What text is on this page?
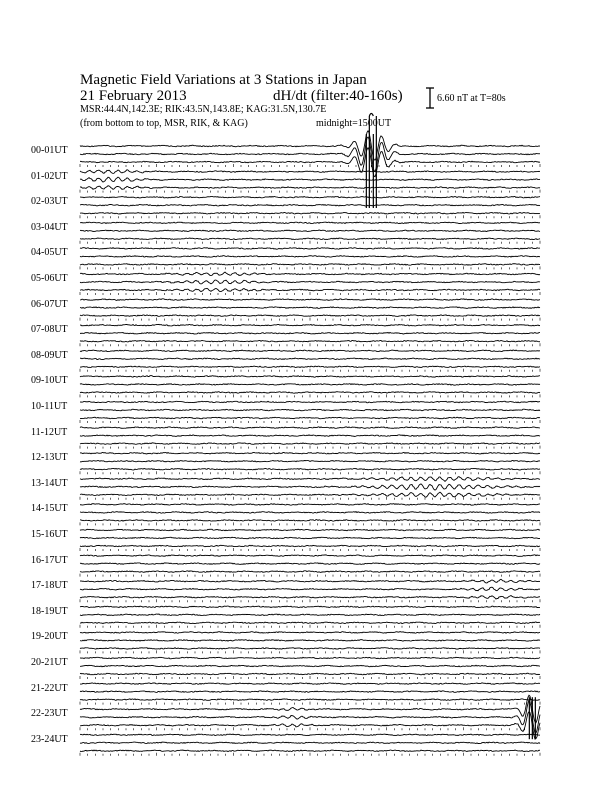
Magnetic Field Variations at 3 Stations in Japan
21 February 2013	dH/dt (filter:40-160s)
MSR:44.4N,142.3E; RIK:43.5N,143.8E; KAG:31.5N,130.7E
(from bottom to top, MSR, RIK, & KAG)	midnight=1500UT
6.60 nT at T=80s
00-01UT
01-02UT
02-03UT
03-04UT
04-05UT
05-06UT
06-07UT
07-08UT
08-09UT
09-10UT
10-11UT
11-12UT
12-13UT
13-14UT
14-15UT
15-16UT
16-17UT
17-18UT
18-19UT
19-20UT
20-21UT
21-22UT
22-23UT
23-24UT
